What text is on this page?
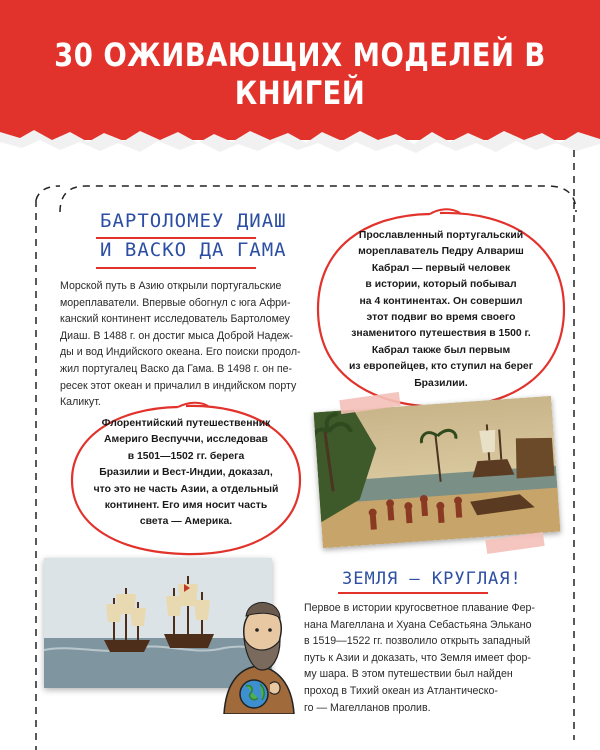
30 ОЖИВАЮЩИХ МОДЕЛЕЙ В КНИГЕЙ
БАРТОЛОМЕУ ДИАШ
И ВАСКО ДА ГАМА
Морской путь в Азию открыли португальские
мореплаватели. Впервые обогнул с юга Афри-
канский континент исследователь Бартоломеу
Диаш. В 1488 г. он достиг мыса Доброй Надеж-
ды и вод Индийского океана. Его поиски продол-
жил португалец Васко да Гама. В 1498 г. он пе-
ресек этот океан и причалил в индийском порту
Каликут.
Прославленный португальский
мореплаватель Педру Алвариш
Кабрал — первый человек
в истории, который побывал
на 4 континентах. Он совершил
этот подвиг во время своего
знаменитого путешествия в 1500 г.
Кабрал также был первым
из европейцев, кто ступил на берег
Бразилии.
Флорентийский путешественник
Америго Веспуччи, исследовав
в 1501—1502 гг. берега
Бразилии и Вест-Индии, доказал,
что это не часть Азии, а отдельный
континент. Его имя носит часть
света — Америка.
ЗЕМЛЯ — КРУГЛАЯ!
Первое в истории кругосветное плавание Фер-
нана Магеллана и Хуана Себастьяна Элькано
в 1519—1522 гг. позволило открыть западный
путь к Азии и доказать, что Земля имеет фор-
му шара. В этом путешествии был найден
проход в Тихий океан из Атлантическо-
го — Магелланов пролив.
